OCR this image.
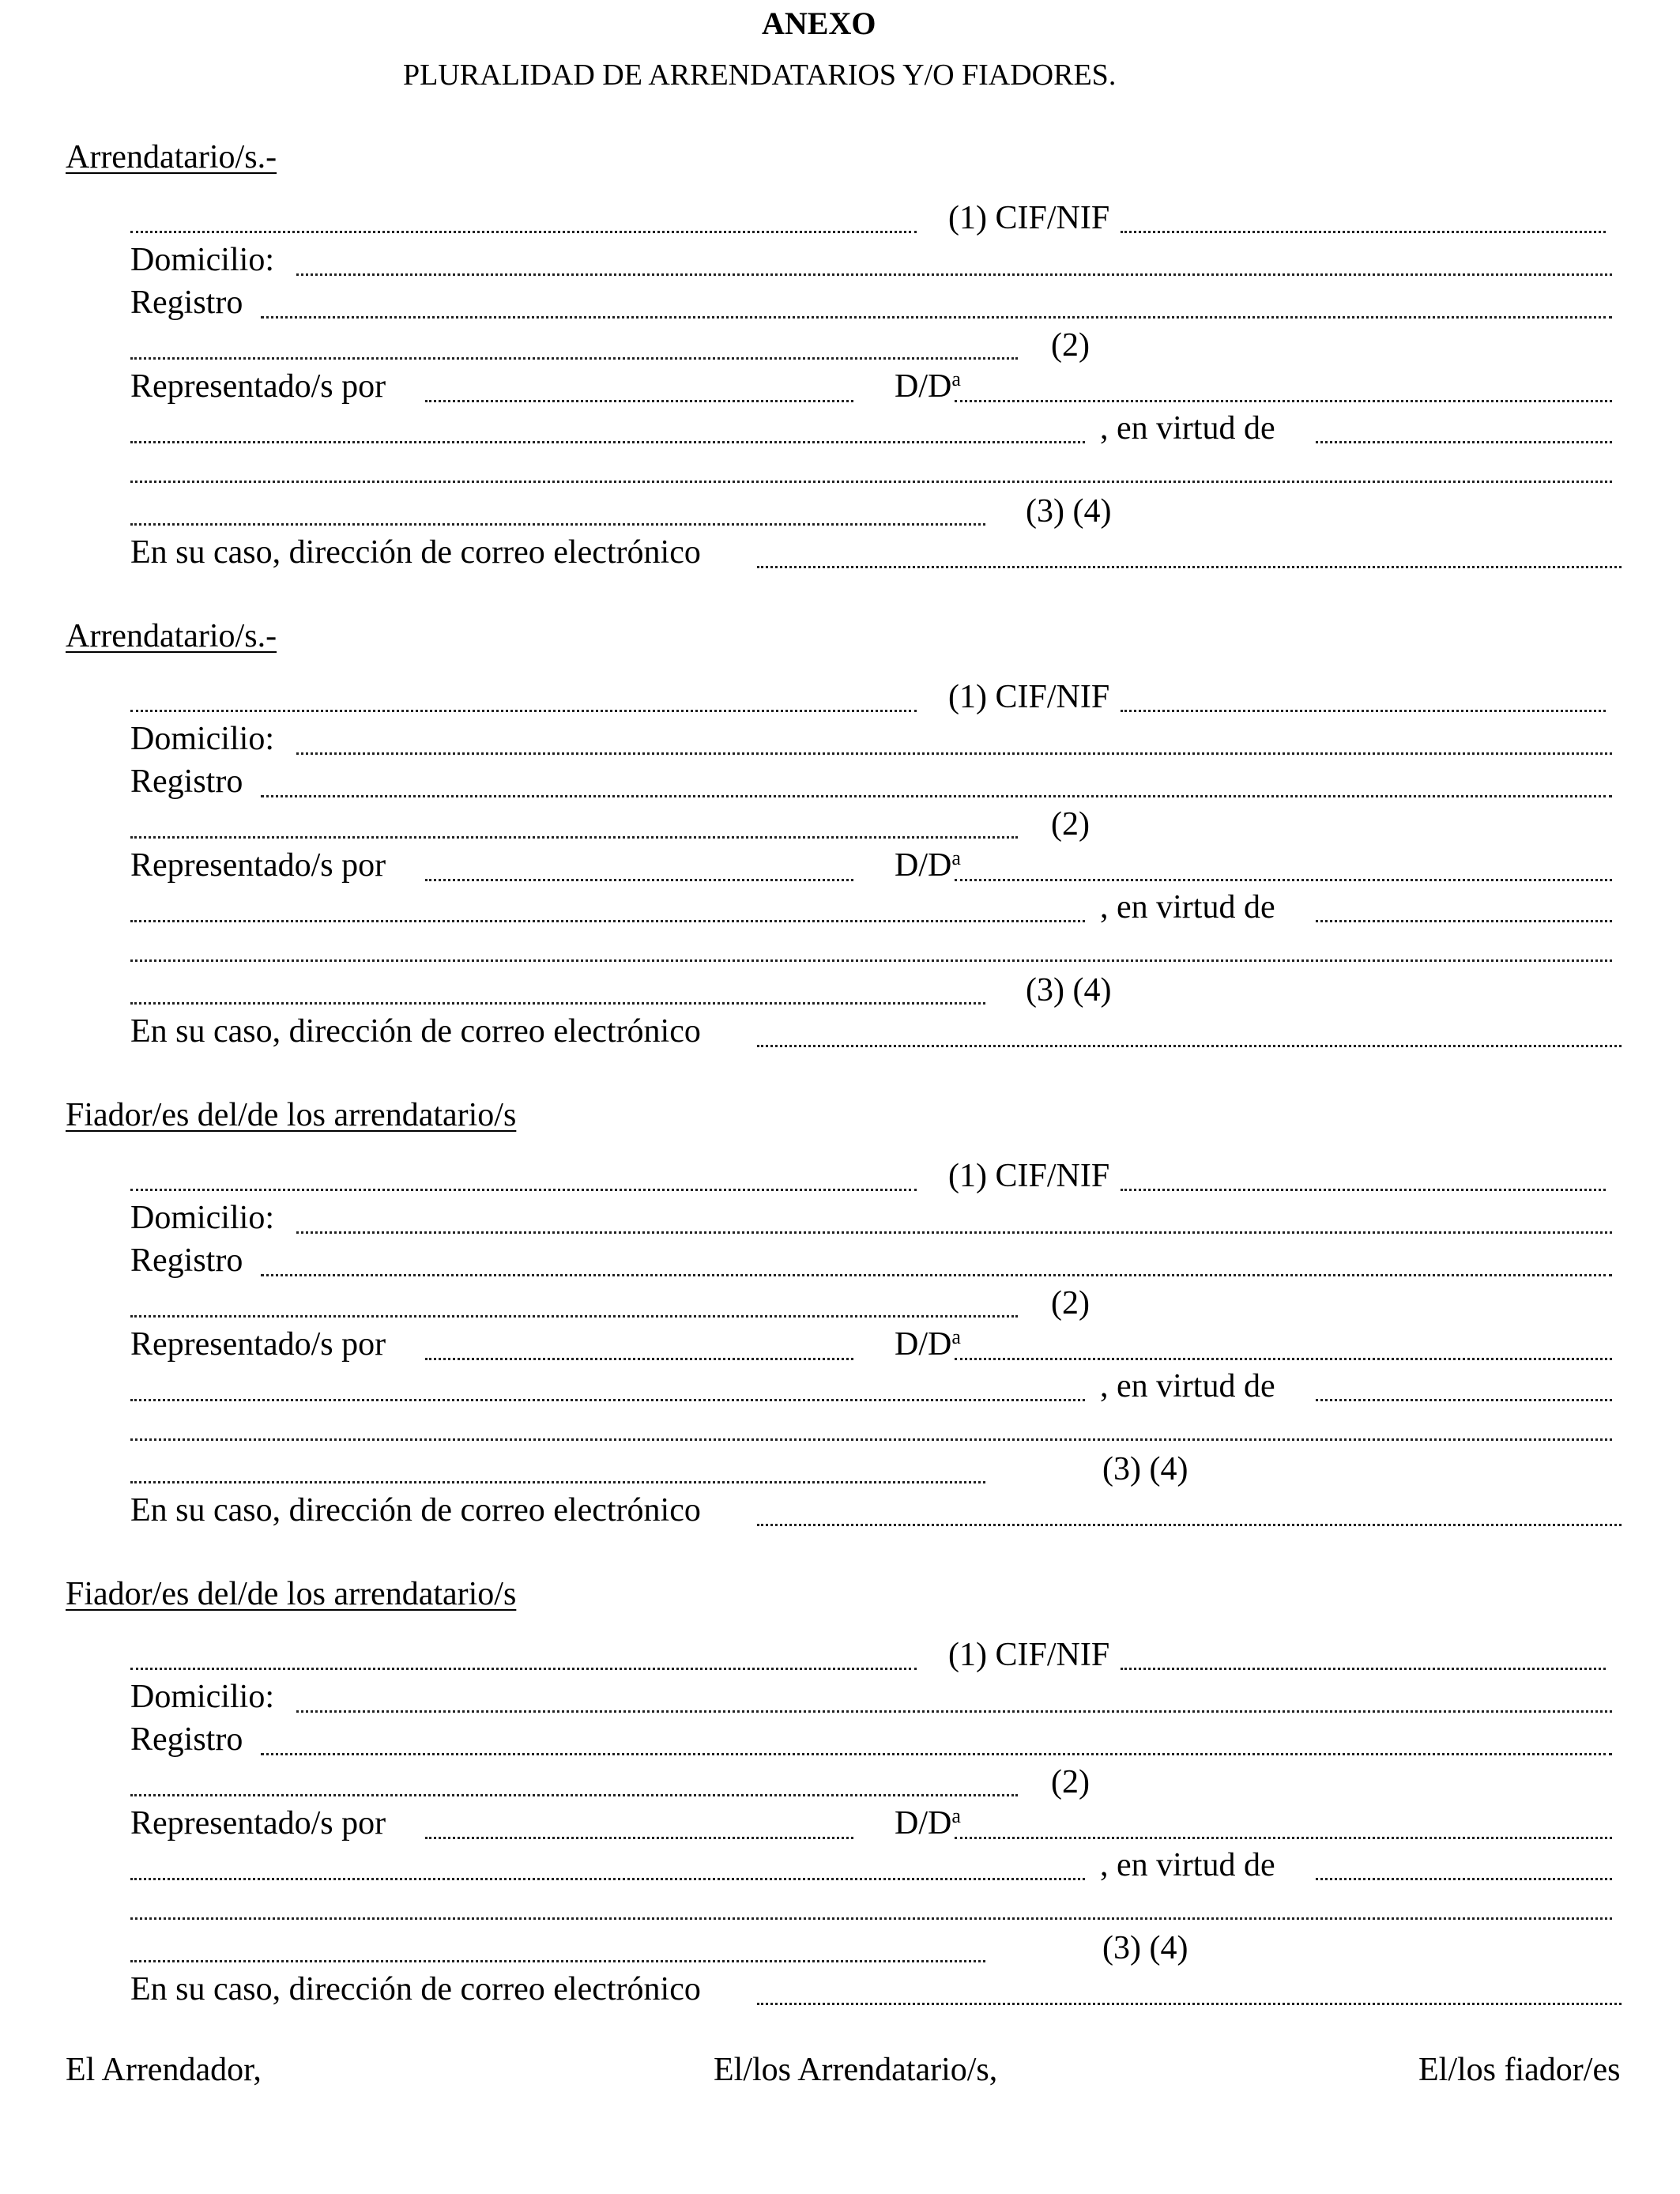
ANEXO
PLURALIDAD DE ARRENDATARIOS Y/O FIADORES.
Arrendatario/s.-
(1) CIF/NIF
Domicilio:
Registro
(2)
Representado/s por	$D/D^a$
, en virtud de
(3) (4)
En su caso, dirección de correo electrónico
Arrendatario/s.-
(1) CIF/NIF
Domicilio:
Registro
(2)
Representado/s por	$D/D^a$
, en virtud de
(3) (4)
En su caso, dirección de correo electrónico
Fiador/es del/de los arrendatario/s
(1) CIF/NIF
Domicilio:
Registro
(2)
Representado/s por	$D/D^a$
, en virtud de
(3) (4)
En su caso, dirección de correo electrónico
Fiador/es del/de los arrendatario/s
(1) CIF/NIF
Domicilio:
Registro
(2)
Representado/s por	$D/D^a$
, en virtud de
(3) (4)
En su caso, dirección de correo electrónico
El Arrendador,	El/los Arrendatario/s,	El/los fiador/es
